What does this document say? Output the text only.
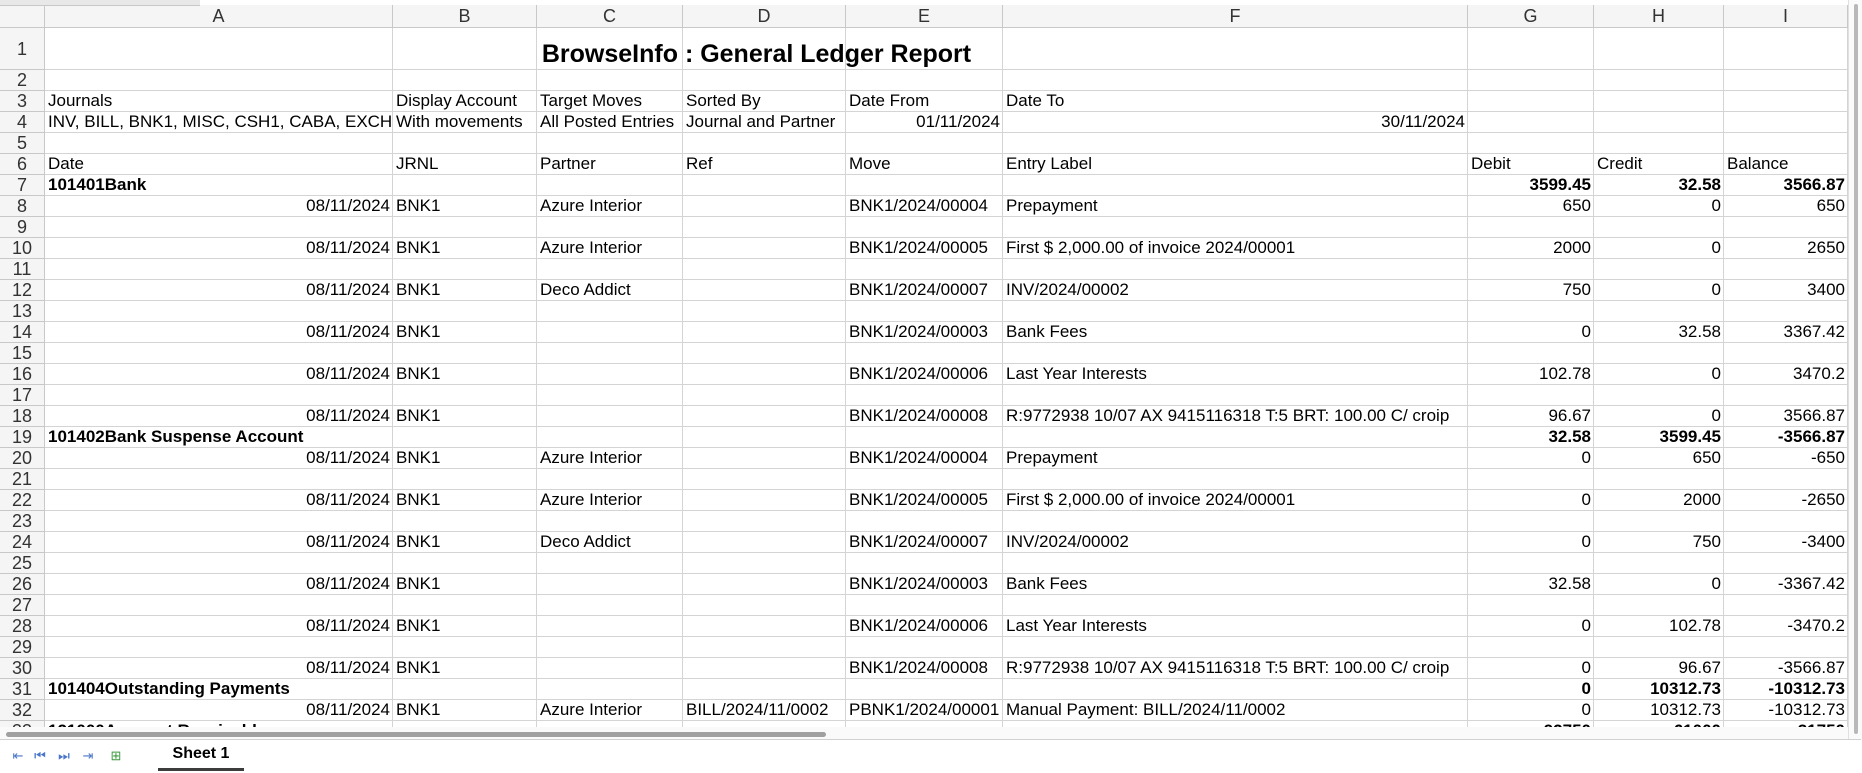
A	B	C	D	E	F	G	H	I
1
2
3
4
5
6
7
8
9
10
11
12
13
14
15
16
17
18
19
20
21
22
23
24
25
26
27
28
29
30
31
32
BrowseInfo : General Ledger Report
Journals
INV, BILL, BNK1, MISC, CSH1, CABA, EXCH
Display Account
With movements
Target Moves
All Posted Entries
Sorted By
Journal and Partner
Date From
01/11/2024
Date To
30/11/2024
Date	JRNL	Partner	Ref	Move	Entry Label	Debit	Credit	Balance
101401Bank	3599.45	32.58	3566.87
08/11/2024 BNK1	Azure Interior	BNK1/2024/00004	Prepayment	650	0	650
08/11/2024 BNK1	Azure Interior	BNK1/2024/00005	First $ 2,000.00 of invoice 2024/00001	2000	0	2650
08/11/2024 BNK1	Deco Addict	BNK1/2024/00007	INV/2024/00002	750	0	3400
08/11/2024 BNK1	BNK1/2024/00003	Bank Fees	0	32.58	3367.42
08/11/2024 BNK1	BNK1/2024/00006	Last Year Interests	102.78	0	3470.2
08/11/2024 BNK1	BNK1/2024/00008	R:9772938 10/07 AX 9415116318 T:5 BRT: 100.00 C/ croip	96.67	0	3566.87
101402Bank Suspense Account	32.58	3599.45	-3566.87
08/11/2024 BNK1	Azure Interior	BNK1/2024/00004	Prepayment	0	650	-650
08/11/2024 BNK1	Azure Interior	BNK1/2024/00005	First $ 2,000.00 of invoice 2024/00001	0	2000	-2650
08/11/2024 BNK1	Deco Addict	BNK1/2024/00007	INV/2024/00002	0	750	-3400
08/11/2024 BNK1	BNK1/2024/00003	Bank Fees	32.58	0	-3367.42
08/11/2024 BNK1	BNK1/2024/00006	Last Year Interests	0	102.78	-3470.2
08/11/2024 BNK1	BNK1/2024/00008	R:9772938 10/07 AX 9415116318 T:5 BRT: 100.00 C/ croip	0	96.67	-3566.87
101404Outstanding Payments	0	10312.73	-10312.73
08/11/2024 BNK1	Azure Interior	BILL/2024/11/0002	PBNK1/2024/00001 Manual Payment: BILL/2024/11/0002	0	10312.73	-10312.73
⇤ ⏮ ⏭ ⇥	⊞	Sheet 1
